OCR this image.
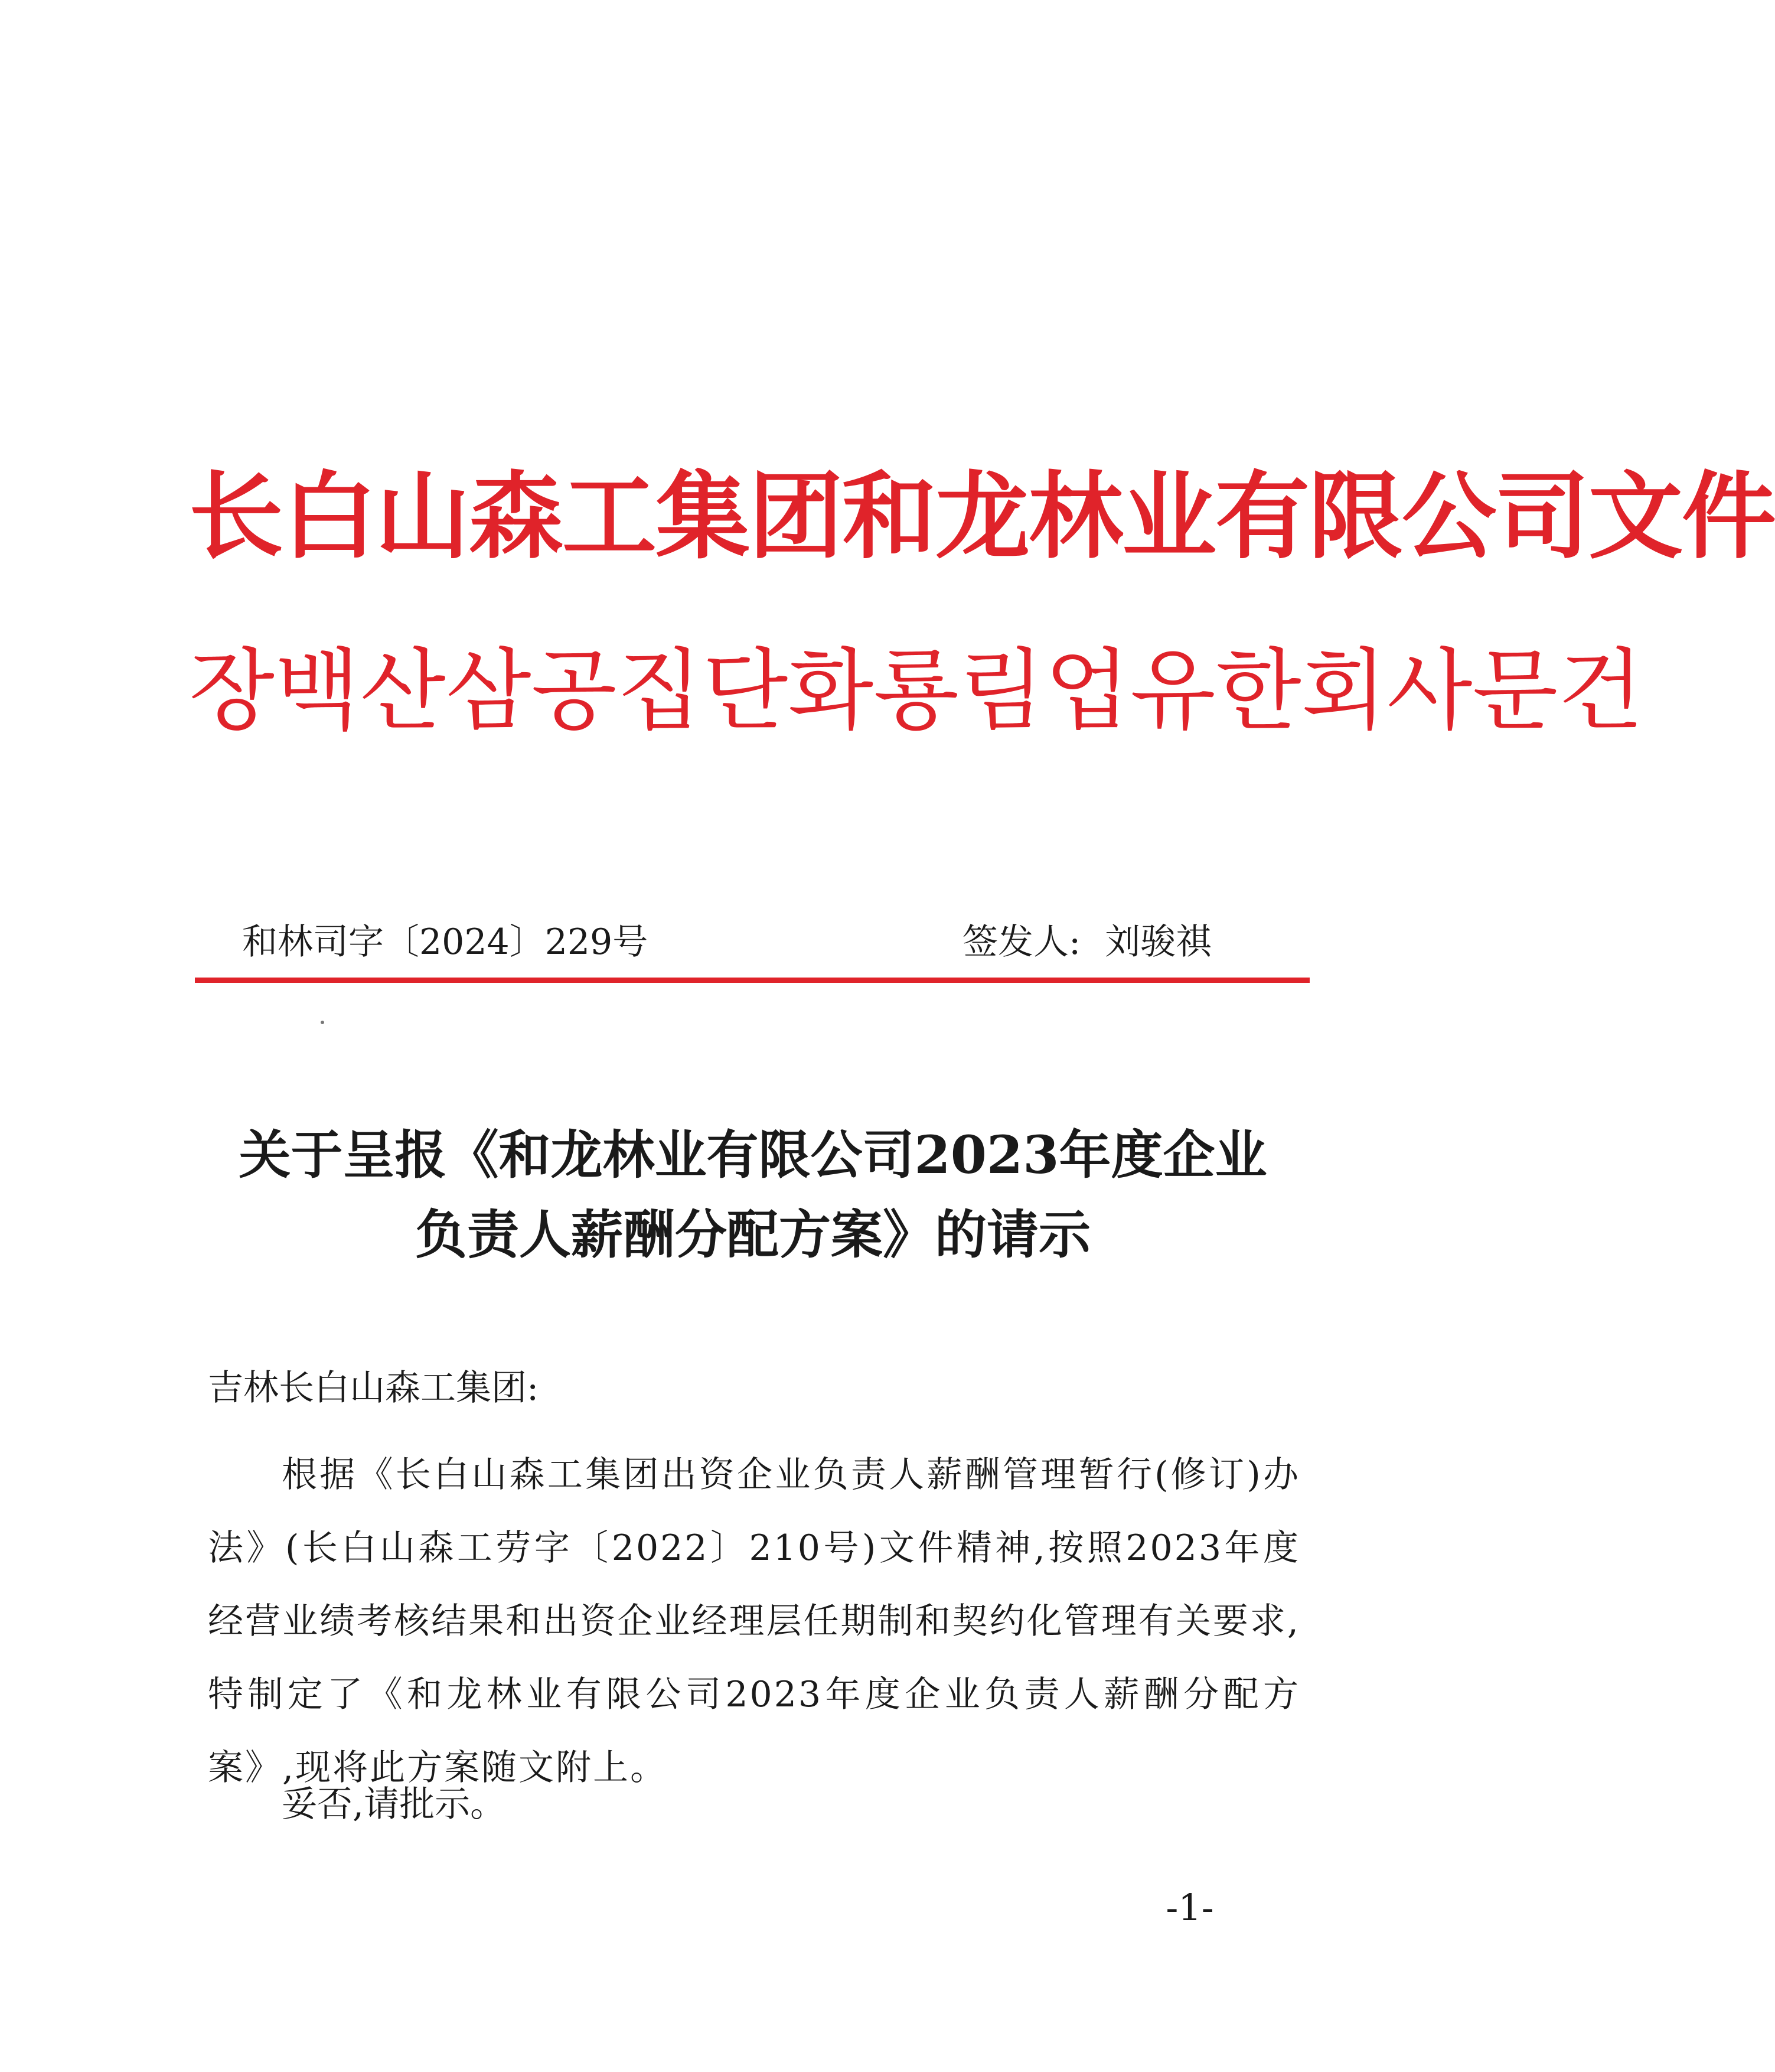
长白山森工集团和龙林业有限公司文件
장백산삼공집단화룡림업유한회사문건
和林司字〔2024〕229号	签发人: 刘骏祺
关于呈报《和龙林业有限公司2023年度企业
负责人薪酬分配方案》的请示
吉林长白山森工集团:
根据《长白山森工集团出资企业负责人薪酬管理暂行(修订)办法》(长白山森工劳字〔2022〕210号)文件精神,按照2023年度经营业绩考核结果和出资企业经理层任期制和契约化管理有关要求,特制定了《和龙林业有限公司2023年度企业负责人薪酬分配方案》,现将此方案随文附上。
妥否,请批示。
-1-
